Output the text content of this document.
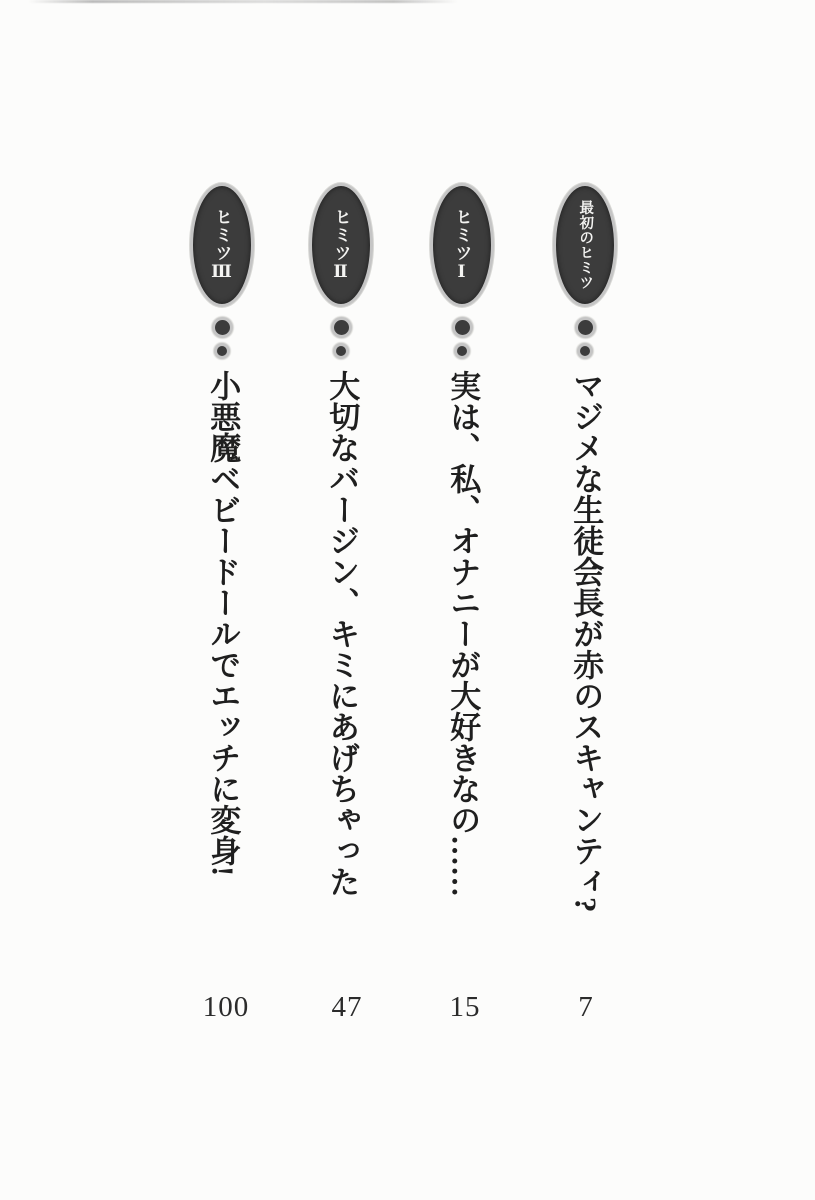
最初のヒミツ
マジメな生徒会長が赤のスキャンティ?
ヒミツⅠ
実は、私、オナニーが大好きなの……
ヒミツⅡ
大切なバージン、キミにあげちゃった
ヒミツⅢ
小悪魔ベビードールでエッチに変身!
7
15
47
100
